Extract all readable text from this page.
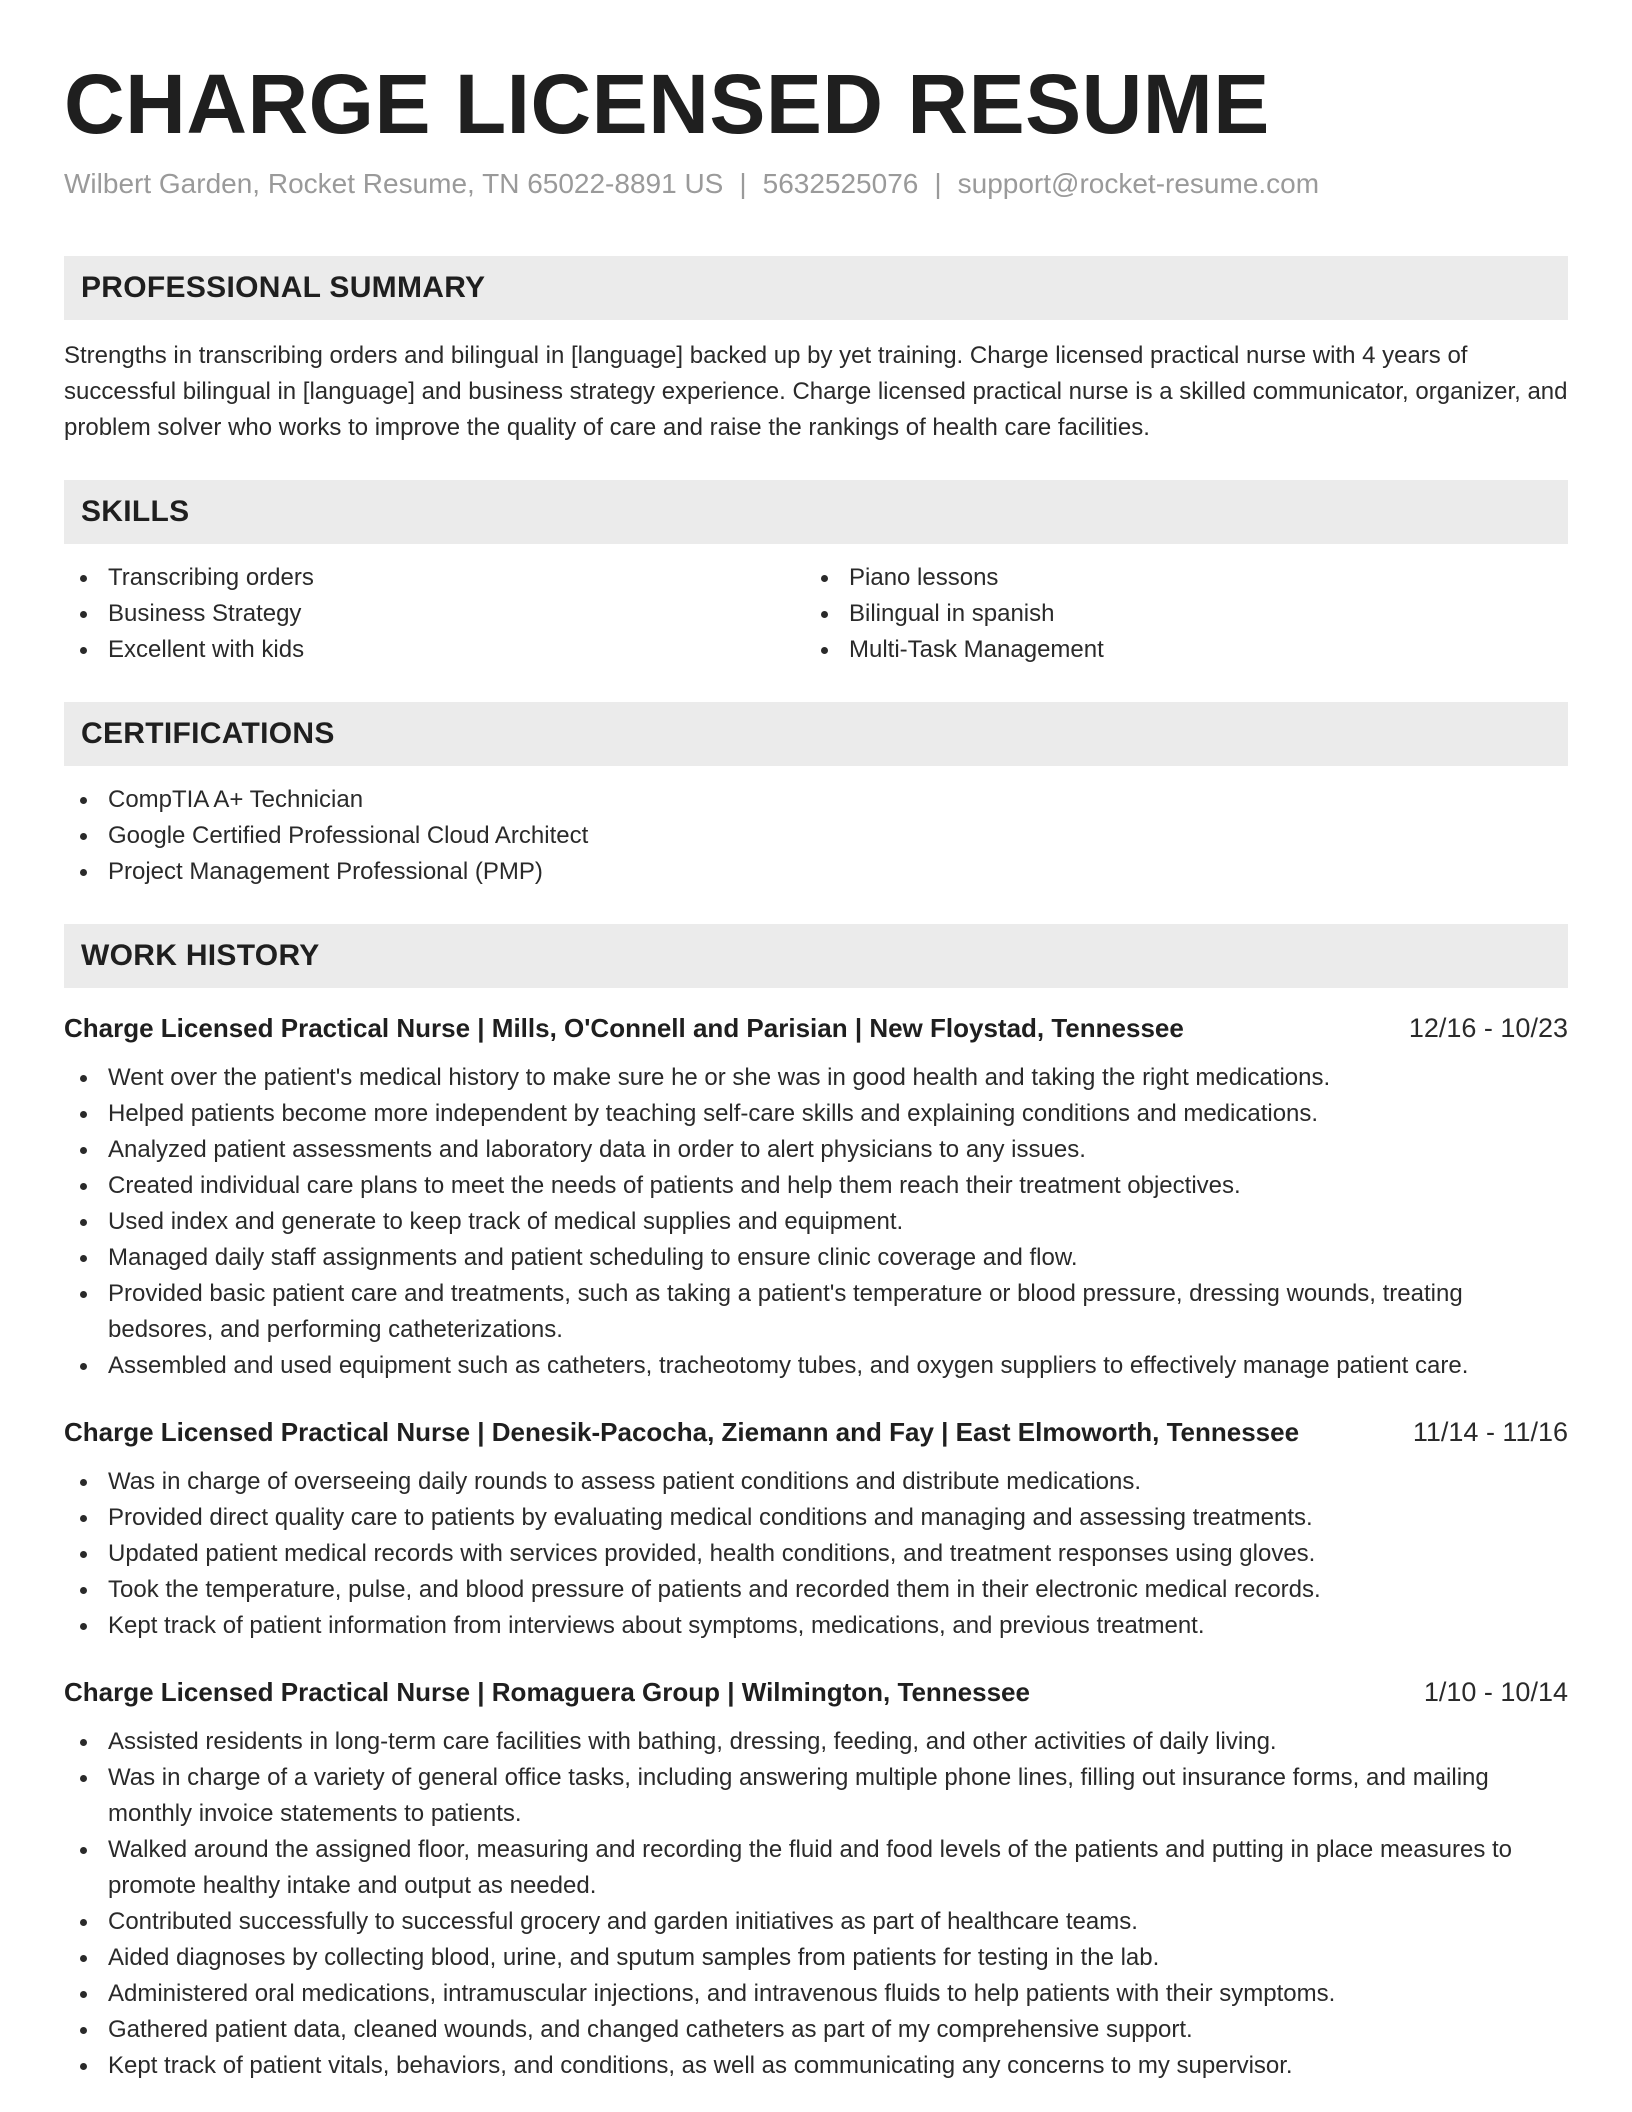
CHARGE LICENSED RESUME
Wilbert Garden, Rocket Resume, TN 65022-8891 US | 5632525076 | support@rocket-resume.com
PROFESSIONAL SUMMARY

Strengths in transcribing orders and bilingual in [language] backed up by yet training. Charge licensed practical nurse with 4 years of successful bilingual in [language] and business strategy experience. Charge licensed practical nurse is a skilled communicator, organizer, and problem solver who works to improve the quality of care and raise the rankings of health care facilities.

SKILLS
Transcribing orders
Business Strategy
Excellent with kids
Piano lessons
Bilingual in spanish
Multi-Task Management
CERTIFICATIONS
CompTIA A+ Technician
Google Certified Professional Cloud Architect
Project Management Professional (PMP)
WORK HISTORY
Charge Licensed Practical Nurse | Mills, O'Connell and Parisian | New Floystad, Tennessee	12/16 - 10/23
Went over the patient's medical history to make sure he or she was in good health and taking the right medications.
Helped patients become more independent by teaching self-care skills and explaining conditions and medications.
Analyzed patient assessments and laboratory data in order to alert physicians to any issues.
Created individual care plans to meet the needs of patients and help them reach their treatment objectives.
Used index and generate to keep track of medical supplies and equipment.
Managed daily staff assignments and patient scheduling to ensure clinic coverage and flow.
Provided basic patient care and treatments, such as taking a patient's temperature or blood pressure, dressing wounds, treating bedsores, and performing catheterizations.
Assembled and used equipment such as catheters, tracheotomy tubes, and oxygen suppliers to effectively manage patient care.
Charge Licensed Practical Nurse | Denesik-Pacocha, Ziemann and Fay | East Elmoworth, Tennessee	11/14 - 11/16
Was in charge of overseeing daily rounds to assess patient conditions and distribute medications.
Provided direct quality care to patients by evaluating medical conditions and managing and assessing treatments.
Updated patient medical records with services provided, health conditions, and treatment responses using gloves.
Took the temperature, pulse, and blood pressure of patients and recorded them in their electronic medical records.
Kept track of patient information from interviews about symptoms, medications, and previous treatment.
Charge Licensed Practical Nurse | Romaguera Group | Wilmington, Tennessee	1/10 - 10/14
Assisted residents in long-term care facilities with bathing, dressing, feeding, and other activities of daily living.
Was in charge of a variety of general office tasks, including answering multiple phone lines, filling out insurance forms, and mailing monthly invoice statements to patients.
Walked around the assigned floor, measuring and recording the fluid and food levels of the patients and putting in place measures to promote healthy intake and output as needed.
Contributed successfully to successful grocery and garden initiatives as part of healthcare teams.
Aided diagnoses by collecting blood, urine, and sputum samples from patients for testing in the lab.
Administered oral medications, intramuscular injections, and intravenous fluids to help patients with their symptoms.
Gathered patient data, cleaned wounds, and changed catheters as part of my comprehensive support.
Kept track of patient vitals, behaviors, and conditions, as well as communicating any concerns to my supervisor.
